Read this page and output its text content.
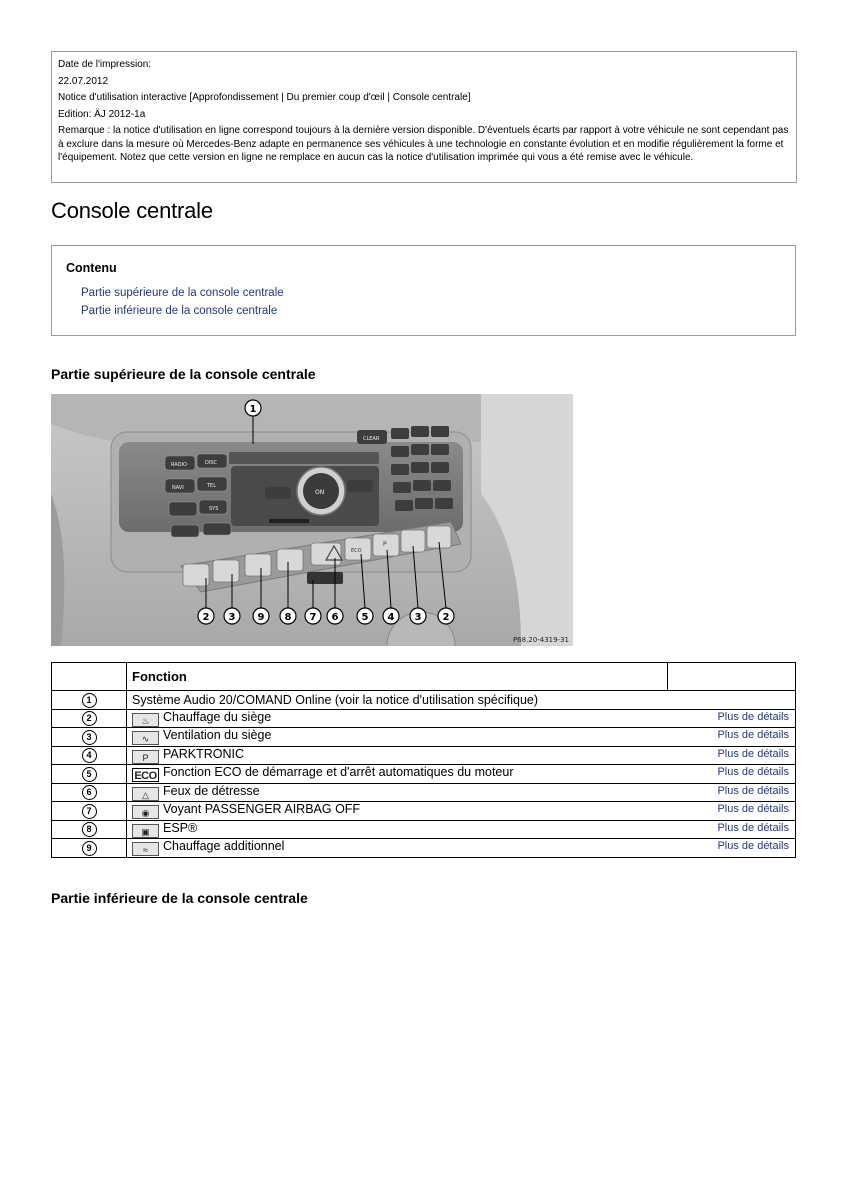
Date de l'impression:

22.07.2012

Notice d'utilisation interactive [Approfondissement | Du premier coup d'œil | Console centrale]

Edition: ÄJ 2012-1a

Remarque : la notice d'utilisation en ligne correspond toujours à la dernière version disponible. D'éventuels écarts par rapport à votre véhicule ne sont cependant pas à exclure dans la mesure où Mercedes-Benz adapte en permanence ses véhicules à une technologie en constante évolution et en modifie régulièrement la forme et l'équipement. Notez que cette version en ligne ne remplace en aucun cas la notice d'utilisation imprimée qui vous a été remise avec le véhicule.

Console centrale
Contenu
Partie supérieure de la console centrale
Partie inférieure de la console centrale
Partie supérieure de la console centrale
RADIO	DISC
NAVI	TEL
SYS
ON
CLEAR
ECO
P
1
2 3 9 8 7 6 5 4 3 2
P68.20-4319-31
	Fonction	
1	Système Audio 20/COMAND Online (voir la notice d'utilisation spécifique)	
2	♨ Chauffage du siège Plus de détails	

3	∿ Ventilation du siège Plus de détails	

4	P PARKTRONIC Plus de détails	

5	ECO Fonction ECO de démarrage et d'arrêt automatiques du moteur Plus de détails	

6	△ Feux de détresse Plus de détails	

7	◉ Voyant PASSENGER AIRBAG OFF Plus de détails	

8	▣ ESP® Plus de détails	

9	≈ Chauffage additionnel Plus de détails	
Partie inférieure de la console centrale
